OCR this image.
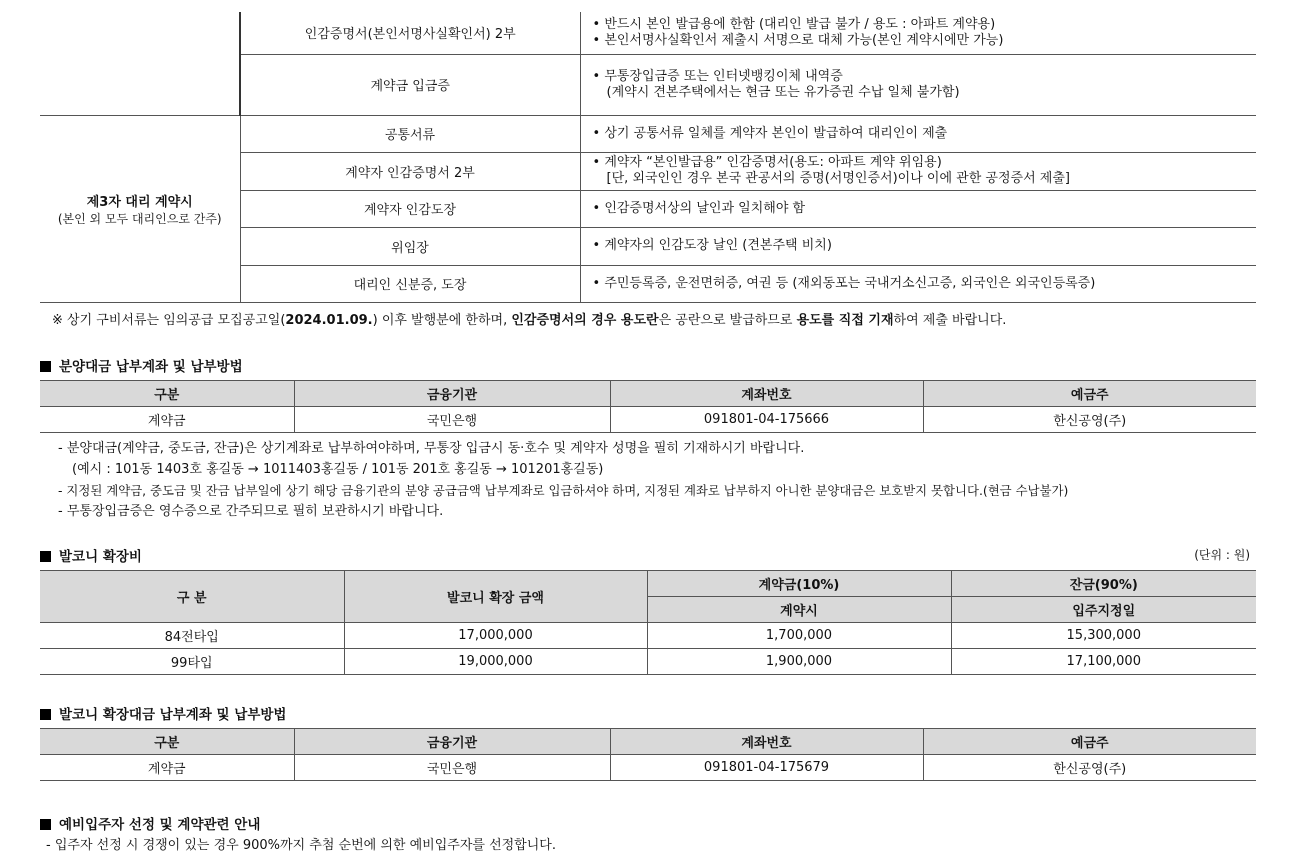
	인감증명서(본인서명사실확인서) 2부	• 반드시 본인 발급용에 한함 (대리인 발급 불가 / 용도 : 아파트 계약용)
• 본인서명사실확인서 제출시 서명으로 대체 가능(본인 계약시에만 가능)

	계약금 입금증	• 무통장입금증 또는 인터넷뱅킹이체 내역증
(계약시 견본주택에서는 현금 또는 유가증권 수납 일체 불가함)

제3자 대리 계약시
(본인 외 모두 대리인으로 간주)	공통서류	• 상기 공통서류 일체를 계약자 본인이 발급하여 대리인이 제출

	계약자 인감증명서 2부	• 계약자 “본인발급용” 인감증명서(용도: 아파트 계약 위임용)
[단, 외국인인 경우 본국 관공서의 증명(서명인증서)이나 이에 관한 공정증서 제출]

	계약자 인감도장	• 인감증명서상의 날인과 일치해야 함

	위임장	• 계약자의 인감도장 날인 (견본주택 비치)

	대리인 신분증, 도장	• 주민등록증, 운전면허증, 여권 등 (재외동포는 국내거소신고증, 외국인은 외국인등록증)
※ 상기 구비서류는 임의공급 모집공고일(2024.01.09.) 이후 발행분에 한하며, 인감증명서의 경우 용도란은 공란으로 발급하므로 용도를 직접 기재하여 제출 바랍니다.
분양대금 납부계좌 및 납부방법
구분	금융기관	계좌번호	예금주
계약금	국민은행	091801-04-175666	한신공영(주)
- 분양대금(계약금, 중도금, 잔금)은 상기계좌로 납부하여야하며, 무통장 입금시 동·호수 및 계약자 성명을 필히 기재하시기 바랍니다.
(예시 : 101동 1403호 홍길동 → 1011403홍길동 / 101동 201호 홍길동 → 101201홍길동)
- 지정된 계약금, 중도금 및 잔금 납부일에 상기 해당 금융기관의 분양 공급금액 납부계좌로 입금하셔야 하며, 지정된 계좌로 납부하지 아니한 분양대금은 보호받지 못합니다.(현금 수납불가)
- 무통장입금증은 영수증으로 간주되므로 필히 보관하시기 바랍니다.
발코니 확장비	(단위 : 원)
구 분	발코니 확장 금액	계약금(10%)	잔금(90%)
		계약시	입주지정일
84전타입	17,000,000	1,700,000	15,300,000
99타입	19,000,000	1,900,000	17,100,000
발코니 확장대금 납부계좌 및 납부방법
구분	금융기관	계좌번호	예금주
계약금	국민은행	091801-04-175679	한신공영(주)
예비입주자 선정 및 계약관련 안내
- 입주자 선정 시 경쟁이 있는 경우 900%까지 추첨 순번에 의한 예비입주자를 선정합니다.
